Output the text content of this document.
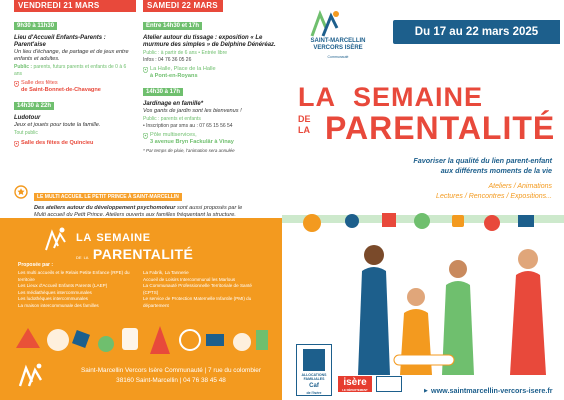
VENDREDI 21 MARS	SAMEDI 22 MARS
9h30 à 11h30
Lieu d'Accueil Enfants-Parents : Parent'aise
Un lieu d'échange, de partage et de jeux entre enfants et adultes.
Public : parents, futurs parents et enfants de 0 à 6 ans
Salle des fêtes
de Saint-Bonnet-de-Chavagne
14h30 à 22h
Ludotour
Jeux et jouets pour toute la famille.
Tout public
Salle des fêtes de Quincieu
Entre 14h30 et 17h
Atelier autour du tissage : exposition « Le murmure des simples » de Delphine Dénéréaz.
Public : à partir de 6 ans • Entrée libre
Infos : 04 76 36 05 26
La Halle, Place de la Halle
à Pont-en-Royans
14h30 à 17h
Jardinage en famille*
Vos gants de jardin sont les bienvenus !
Public : parents et enfants
• Inscription par sms au : 07 65 15 56 54
Pôle multiservices,
3 avenue Bryn Fackulär à Vinay
* Par temps de pluie, l'animation sera annulée
LE MULTI ACCUEIL LE PETIT PRINCE À SAINT-MARCELLIN
Des ateliers autour du développement psychomoteur sont aussi proposés par le Multi accueil du Petit Prince. Ateliers ouverts aux familles fréquentant la structure.
LA SEMAINE
DE LA PARENTALITÉ
Proposée par :
Les multi accueils et le Relais Petite Enfance (RPE) du territoire
Les Lieux d'Accueil Enfants Parents (LAEP)
Les médiathèques intercommunales
Les ludothèques intercommunales
La maison intercommunale des familles
La Fabrik, La Tannerie
Accueil de Loisirs Intercommunal les Marlous
La Communauté Professionnelle Territoriale de Santé (CPTS)
Le service de Protection Maternelle Infantile (PMI) du département
Saint-Marcellin Vercors Isère Communauté | 7 rue du colombier
38160 Saint-Marcellin | 04 76 38 45 48
SAINT-MARCELLIN
VERCORS ISÈRE
Communauté
Du 17 au 22 mars 2025
LA SEMAINE
DE
LA PARENTALITÉ
Favoriser la qualité du lien parent-enfant
aux différents moments de la vie
Ateliers / Animations
Lectures / Rencontres / Expositions...
ALLOCATIONS FAMILIALES
Caf
de l'Isère
isère
LE DÉPARTEMENT	▶ www.saintmarcellin-vercors-isere.fr
